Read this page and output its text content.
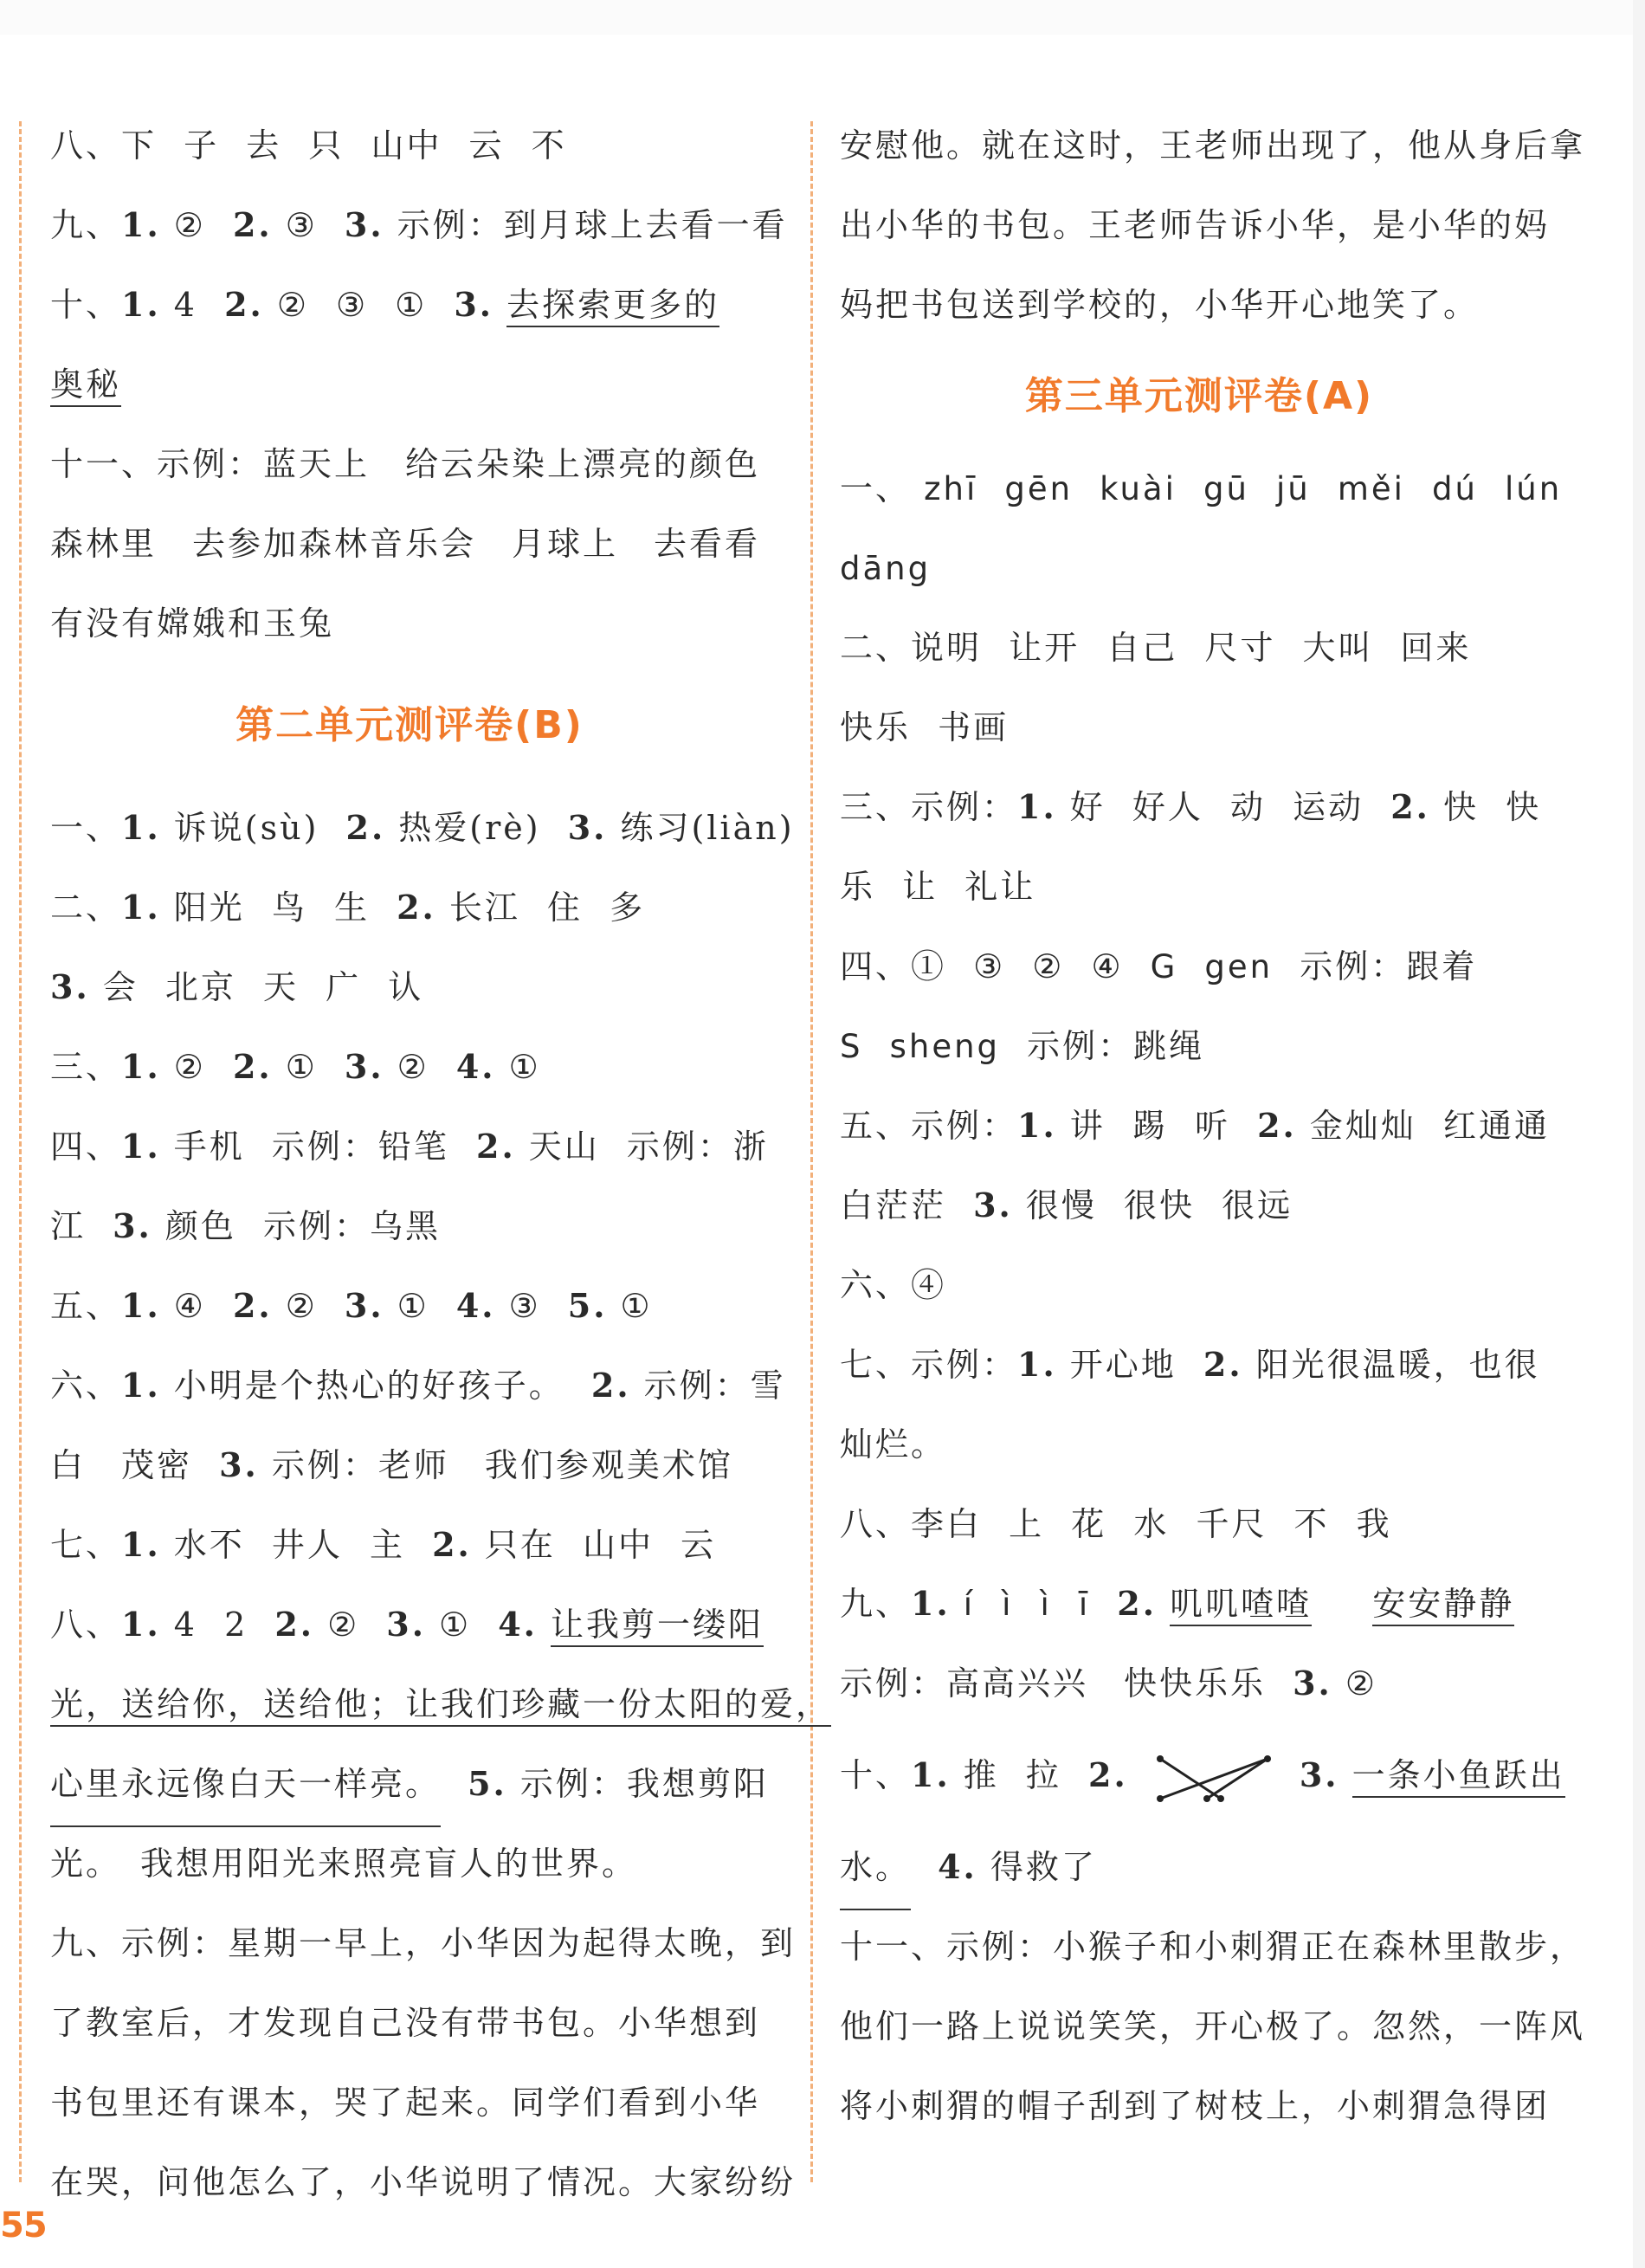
八、下 子 去 只 山中 云 不
九、1. ② 2. ③ 3. 示例：到月球上去看一看
十、1. 4 2. ② ③ ① 3. 去探索更多的
奥秘
十一、示例：蓝天上　给云朵染上漂亮的颜色
森林里　去参加森林音乐会　月球上　去看看
有没有嫦娥和玉兔
第二单元测评卷(B)
一、1. 诉说(sù) 2. 热爱(rè) 3. 练习(liàn)
二、1. 阳光 鸟 生 2. 长江 住 多
3. 会 北京 天 广 认
三、1. ② 2. ① 3. ② 4. ①
四、1. 手机 示例：铅笔 2. 天山 示例：浙
江 3. 颜色 示例：乌黑
五、1. ④ 2. ② 3. ① 4. ③ 5. ①
六、1. 小明是个热心的好孩子。 2. 示例：雪
白　茂密 3. 示例：老师　我们参观美术馆
七、1. 水不 井人 主 2. 只在 山中 云
八、1. 4 2 2. ② 3. ① 4. 让我剪一缕阳
光，送给你，送给他；让我们珍藏一份太阳的爱，
心里永远像白天一样亮。 5. 示例：我想剪阳
光。　我想用阳光来照亮盲人的世界。
九、示例：星期一早上，小华因为起得太晚，到
了教室后，才发现自己没有带书包。小华想到
书包里还有课本，哭了起来。同学们看到小华
在哭，问他怎么了，小华说明了情况。大家纷纷
安慰他。就在这时，王老师出现了，他从身后拿
出小华的书包。王老师告诉小华，是小华的妈
妈把书包送到学校的，小华开心地笑了。
第三单元测评卷(A)
一、 zhī gēn kuài gū jū měi dú lún
dāng
二、说明 让开 自己 尺寸 大叫 回来
快乐 书画
三、示例：1. 好 好人 动 运动 2. 快 快
乐 让 礼让
四、① ③ ② ④ G gen 示例：跟着
S sheng 示例：跳绳
五、示例：1. 讲 踢 听 2. 金灿灿 红通通
白茫茫 3. 很慢 很快 很远
六、④
七、示例：1. 开心地 2. 阳光很温暖，也很
灿烂。
八、李白 上 花 水 千尺 不 我
九、1. í ì ì ī 2. 叽叽喳喳 安安静静
示例：高高兴兴　快快乐乐 3. ②
十、1. 推 拉 2.	3. 一条小鱼跃出
水。 4. 得救了
十一、示例：小猴子和小刺猬正在森林里散步，
他们一路上说说笑笑，开心极了。忽然，一阵风
将小刺猬的帽子刮到了树枝上，小刺猬急得团
55
